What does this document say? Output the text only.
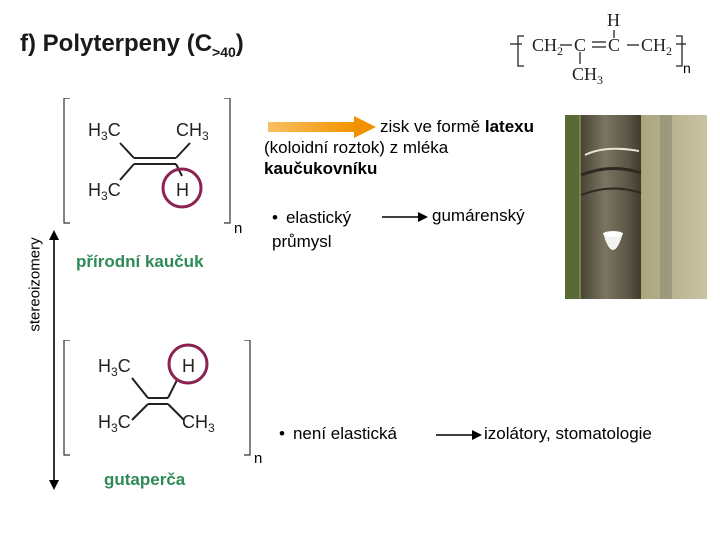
f) Polyterpeny $(C_{>40})$
H
$CH_2$ C C $CH_2$
$CH_3$
n
stereoizomery
$H_3C$	$CH_3$
$H_3C$	H
n
přírodní kaučuk
$H_3C$	H
$H_3C$	$CH_3$
n
gutaperča
zisk ve formě latexu
(koloidní roztok) z mléka
kaučukovníku
• elastický
průmysl
gumárenský
• není elastická	izolátory, stomatologie
